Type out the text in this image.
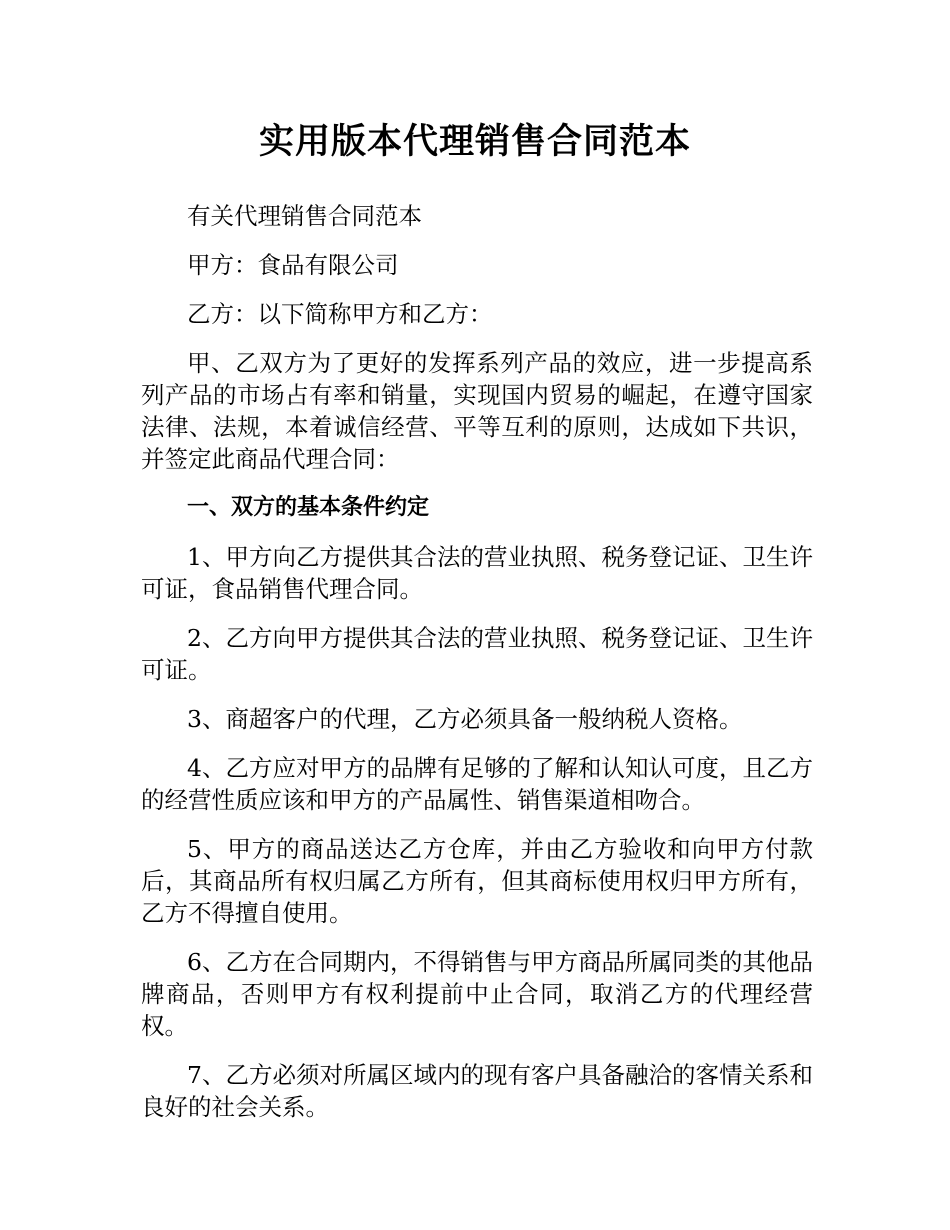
实用版本代理销售合同范本

有关代理销售合同范本

甲方：食品有限公司

乙方：以下简称甲方和乙方：

甲、乙双方为了更好的发挥系列产品的效应，进一步提高系列产品的市场占有率和销量，实现国内贸易的崛起，在遵守国家法律、法规，本着诚信经营、平等互利的原则，达成如下共识，并签定此商品代理合同：

一、双方的基本条件约定

1、甲方向乙方提供其合法的营业执照、税务登记证、卫生许可证，食品销售代理合同。

2、乙方向甲方提供其合法的营业执照、税务登记证、卫生许可证。

3、商超客户的代理，乙方必须具备一般纳税人资格。

4、乙方应对甲方的品牌有足够的了解和认知认可度，且乙方的经营性质应该和甲方的产品属性、销售渠道相吻合。

5、甲方的商品送达乙方仓库，并由乙方验收和向甲方付款后，其商品所有权归属乙方所有，但其商标使用权归甲方所有，乙方不得擅自使用。

6、乙方在合同期内，不得销售与甲方商品所属同类的其他品牌商品，否则甲方有权利提前中止合同，取消乙方的代理经营权。

7、乙方必须对所属区域内的现有客户具备融洽的客情关系和良好的社会关系。
